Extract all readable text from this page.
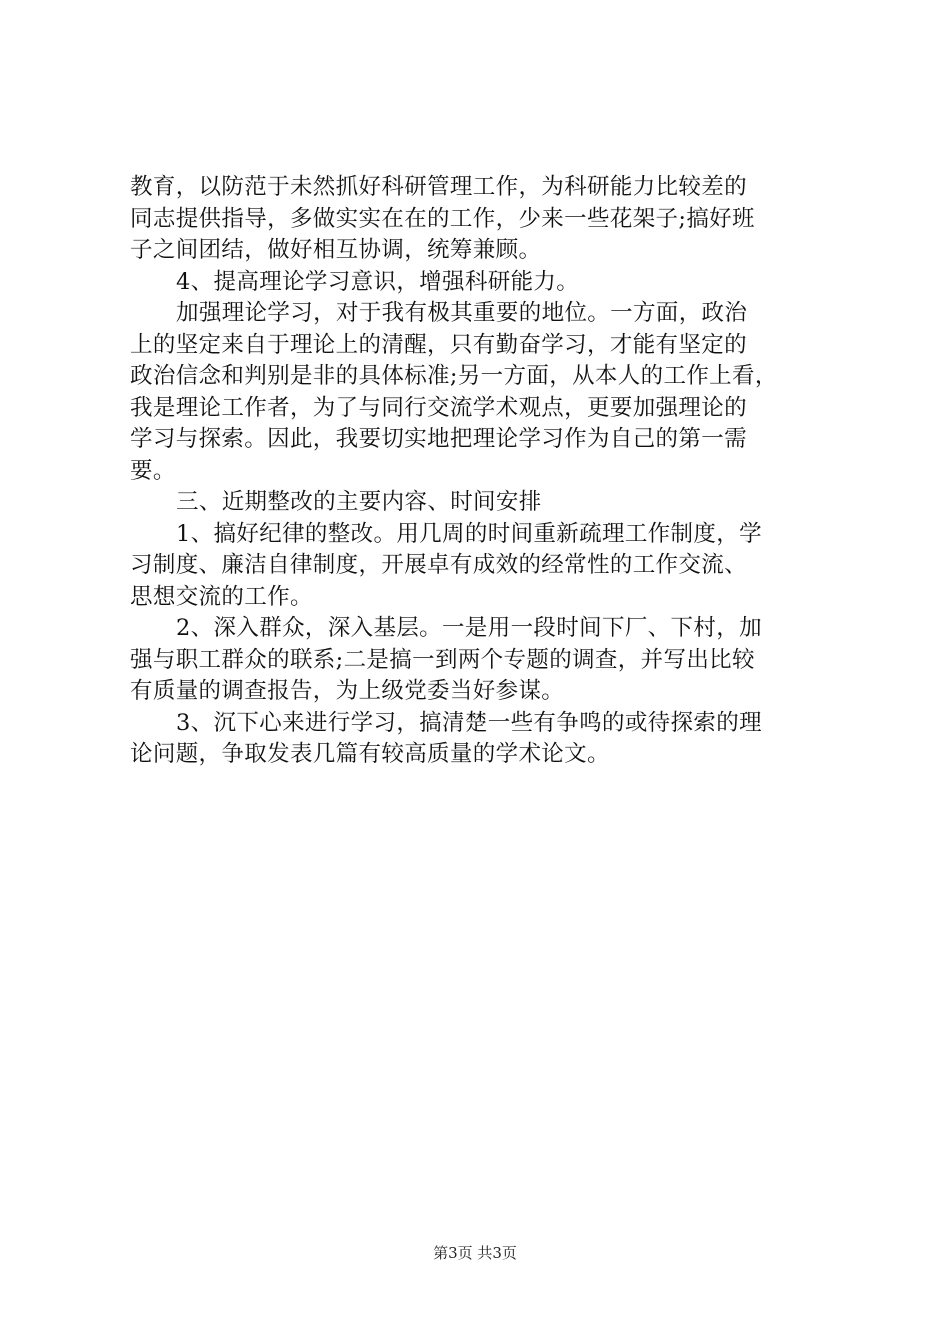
教育，以防范于未然抓好科研管理工作，为科研能力比较差的
同志提供指导，多做实实在在的工作，少来一些花架子;搞好班
子之间团结，做好相互协调，统筹兼顾。
4、提高理论学习意识，增强科研能力。
加强理论学习，对于我有极其重要的地位。一方面，政治
上的坚定来自于理论上的清醒，只有勤奋学习，才能有坚定的
政治信念和判别是非的具体标准;另一方面，从本人的工作上看，
我是理论工作者，为了与同行交流学术观点，更要加强理论的
学习与探索。因此，我要切实地把理论学习作为自己的第一需
要。
三、近期整改的主要内容、时间安排
1、搞好纪律的整改。用几周的时间重新疏理工作制度，学
习制度、廉洁自律制度，开展卓有成效的经常性的工作交流、
思想交流的工作。
2、深入群众，深入基层。一是用一段时间下厂、下村，加
强与职工群众的联系;二是搞一到两个专题的调查，并写出比较
有质量的调查报告，为上级党委当好参谋。
3、沉下心来进行学习，搞清楚一些有争鸣的或待探索的理
论问题，争取发表几篇有较高质量的学术论文。
第3页 共3页
